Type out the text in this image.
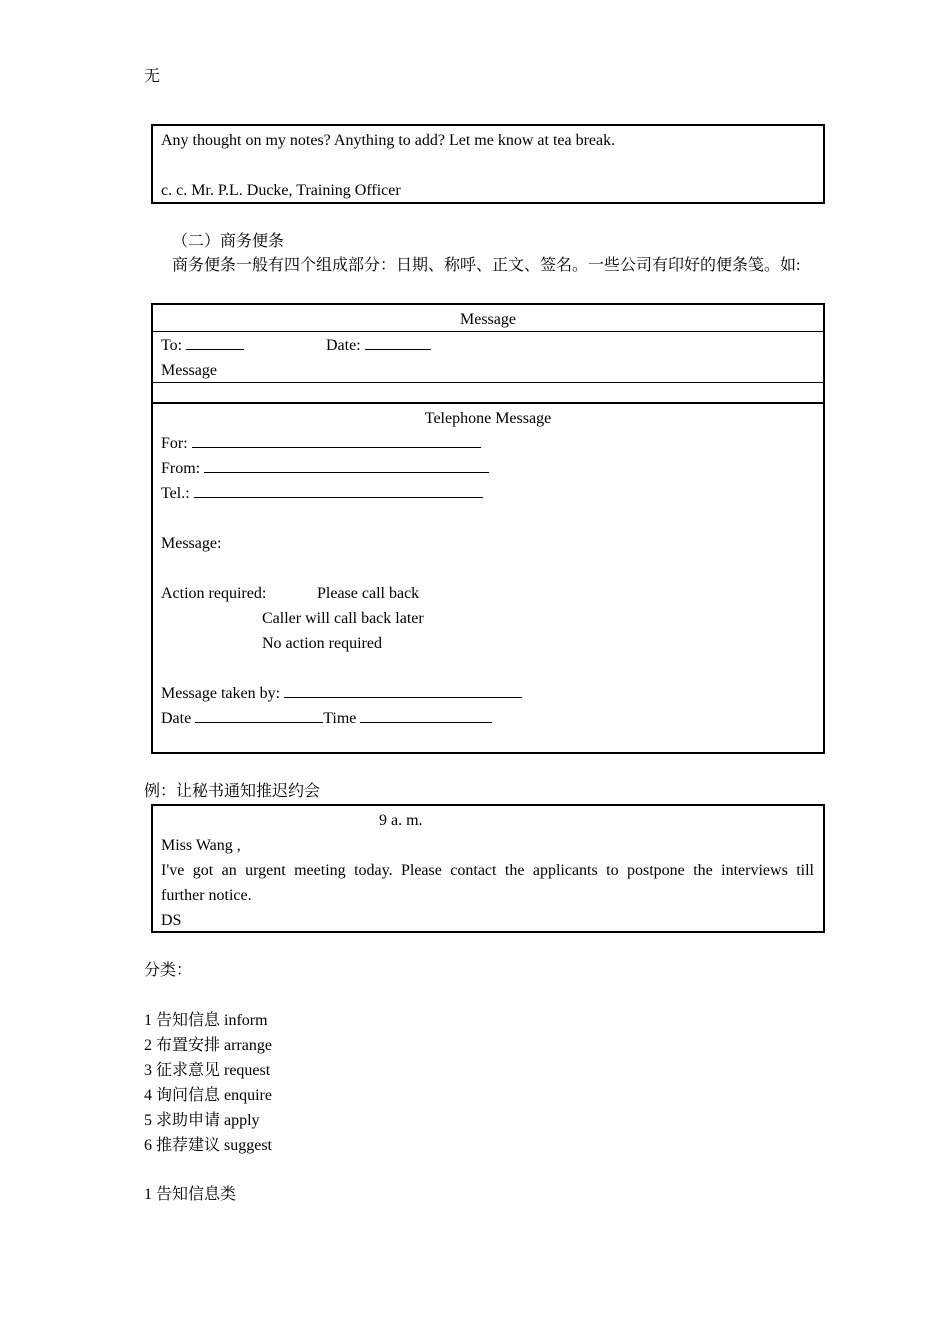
无
Any thought on my notes? Anything to add? Let me know at tea break.
c. c. Mr. P.L. Ducke, Training Officer
（二）商务便条
商务便条一般有四个组成部分：日期、称呼、正文、签名。一些公司有印好的便条笺。如:
Message
To:	Date:
Message
Telephone Message
For:
From:
Tel.:
Message:
Action required:	Please call back
Caller will call back later
No action required
Message taken by:
Date	Time
例：让秘书通知推迟约会
9 a. m.
Miss Wang ,
I've got an urgent meeting today. Please contact the applicants to postpone the interviews till
further notice.
DS
分类：
1 告知信息 inform
2 布置安排 arrange
3 征求意见 request
4 询问信息 enquire
5 求助申请 apply
6 推荐建议 suggest
1 告知信息类
